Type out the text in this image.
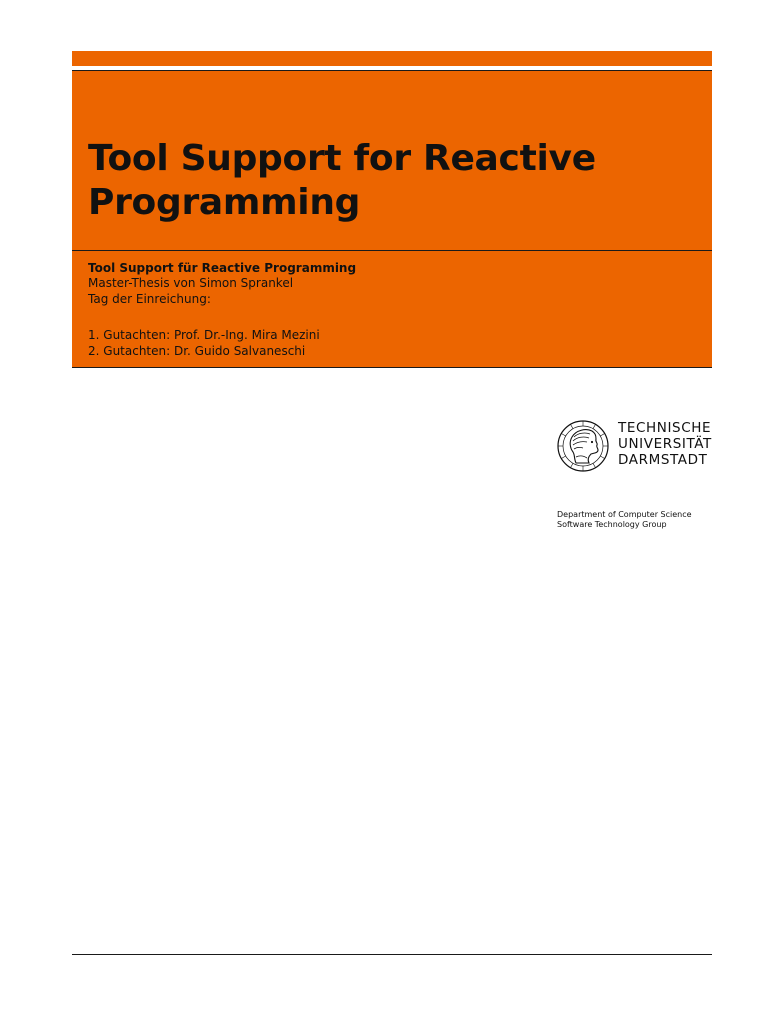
Tool Support for Reactive
Programming
Tool Support für Reactive Programming
Master-Thesis von Simon Sprankel
Tag der Einreichung:
1. Gutachten: Prof. Dr.-Ing. Mira Mezini
2. Gutachten: Dr. Guido Salvaneschi
TECHNISCHE
UNIVERSITÄT
DARMSTADT
Department of Computer Science
Software Technology Group
